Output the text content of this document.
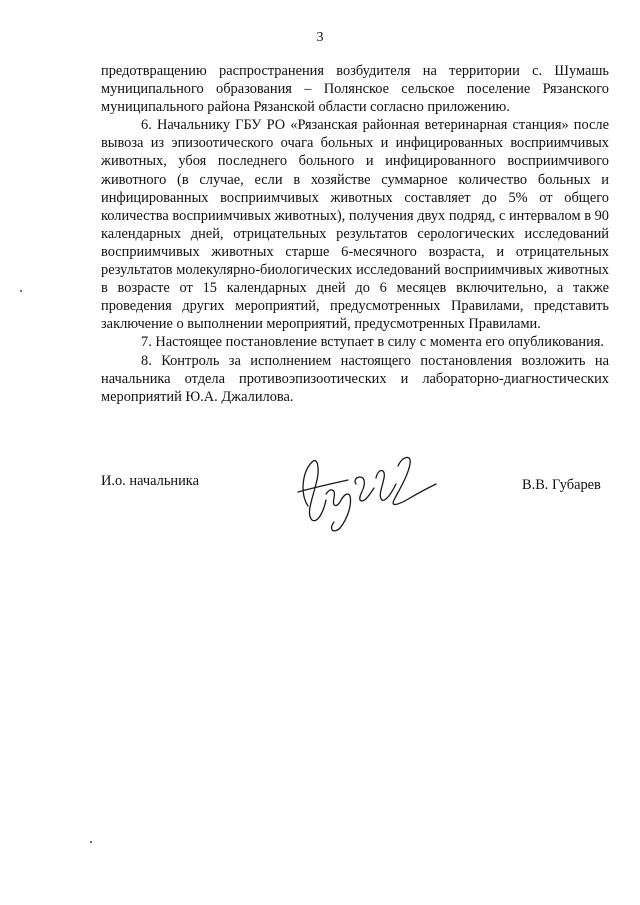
3

предотвращению распространения возбудителя на территории с. Шумашь муниципального образования – Полянское сельское поселение Рязанского муниципального района Рязанской области согласно приложению.

6. Начальнику ГБУ РО «Рязанская районная ветеринарная станция» после вывоза из эпизоотического очага больных и инфицированных восприимчивых животных, убоя последнего больного и инфицированного восприимчивого животного (в случае, если в хозяйстве суммарное количество больных и инфицированных восприимчивых животных составляет до 5% от общего количества восприимчивых животных), получения двух подряд, с интервалом в 90 календарных дней, отрицательных результатов серологических исследований восприимчивых животных старше 6-месячного возраста, и отрицательных результатов молекулярно-биологических исследований восприимчивых животных в возрасте от 15 календарных дней до 6 месяцев включительно, а также проведения других мероприятий, предусмотренных Правилами, представить заключение о выполнении мероприятий, предусмотренных Правилами.

7. Настоящее постановление вступает в силу с момента его опубликования.

8. Контроль за исполнением настоящего постановления возложить на начальника отдела противоэпизоотических и лабораторно-диагностических мероприятий Ю.А. Джалилова.

И.о. начальника	В.В. Губарев
